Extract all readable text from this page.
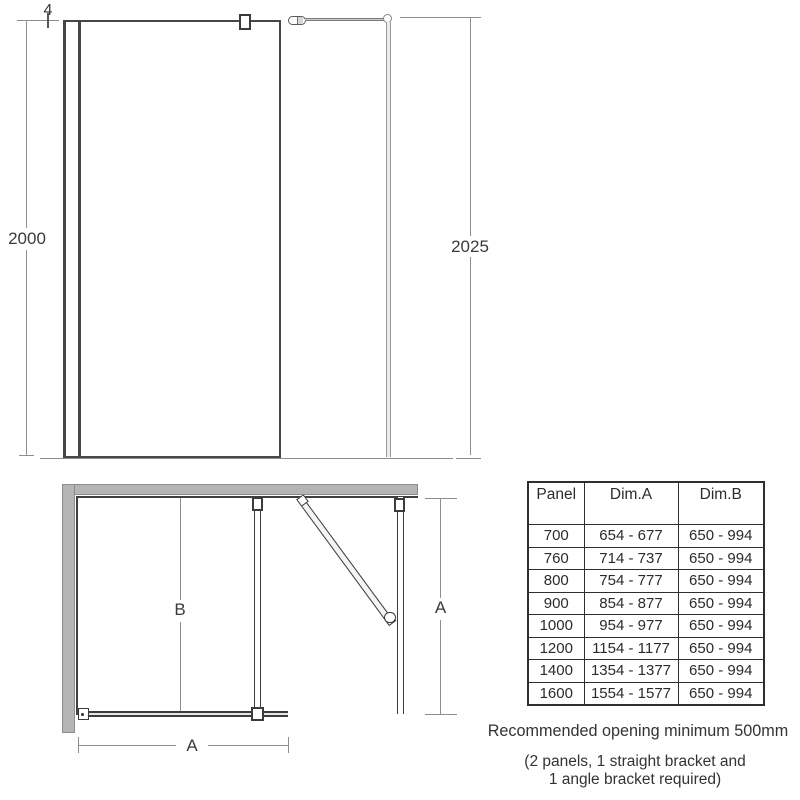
4
2000	2025
B
A
A
Panel	Dim.A	Dim.B
700	654 - 677	650 - 994
760	714 - 737	650 - 994
800	754 - 777	650 - 994
900	854 - 877	650 - 994
1000	954 - 977	650 - 994
1200	1154 - 1177	650 - 994
1400	1354 - 1377	650 - 994
1600	1554 - 1577	650 - 994
Recommended opening minimum 500mm
(2 panels, 1 straight bracket and
1 angle bracket required)
